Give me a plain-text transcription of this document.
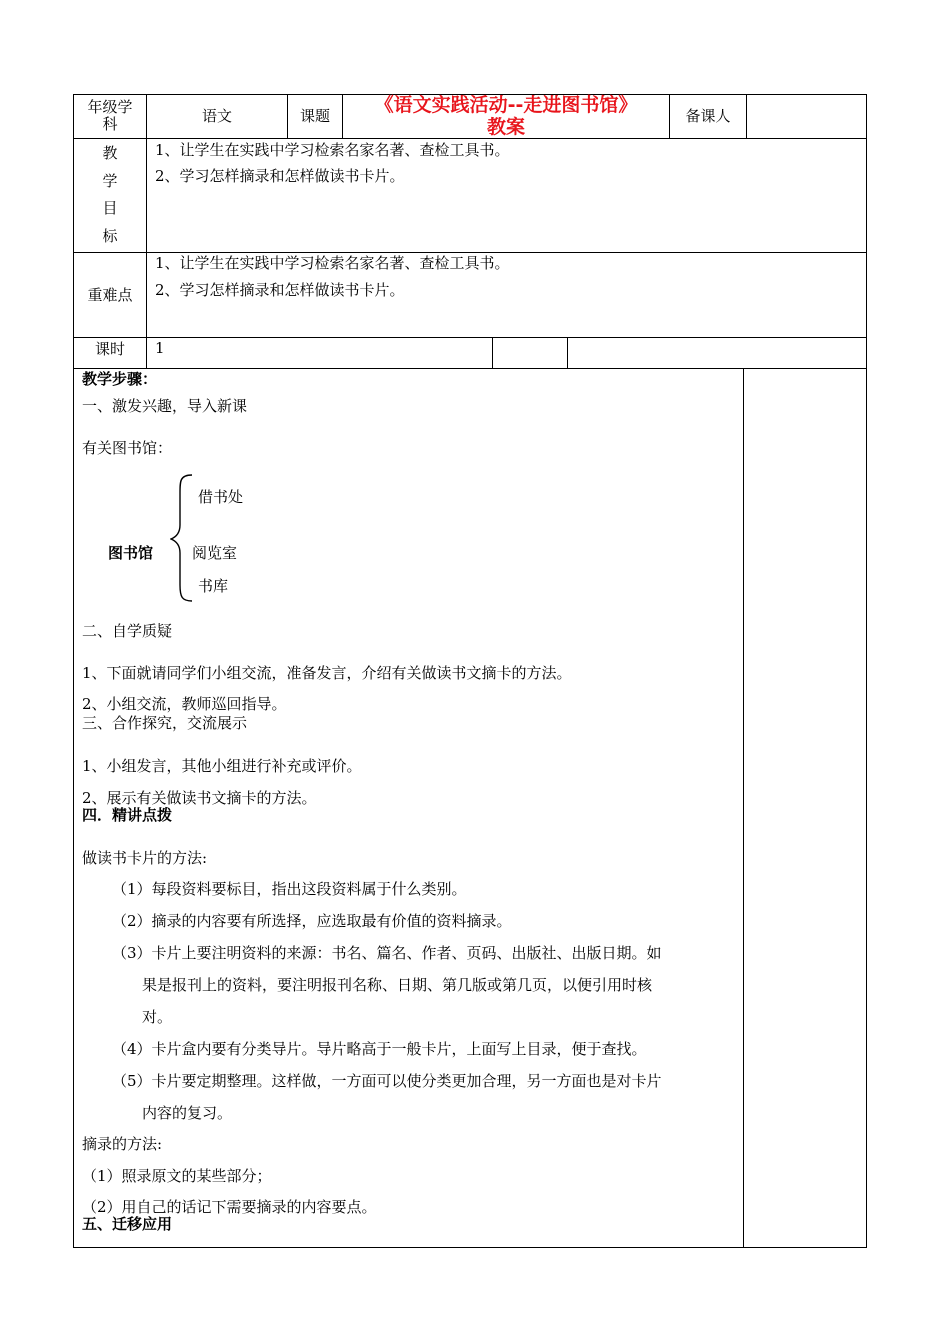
年级学科	语文	课题 《语文实践活动--走进图书馆》教案
备课人
教
学
目
标
1、让学生在实践中学习检索名家名著、查检工具书。
2、学习怎样摘录和怎样做读书卡片。
重难点
1、让学生在实践中学习检索名家名著、查检工具书。
2、学习怎样摘录和怎样做读书卡片。
课时 1
教学步骤：
一、激发兴趣，导入新课
有关图书馆：
图书馆
借书处
阅览室
书库
二、自学质疑
1、下面就请同学们小组交流，准备发言，介绍有关做读书文摘卡的方法。
2、小组交流，教师巡回指导。
三、合作探究，交流展示
1、小组发言，其他小组进行补充或评价。
2、展示有关做读书文摘卡的方法。
四．精讲点拨
做读书卡片的方法:
（1）每段资料要标目，指出这段资料属于什么类别。
（2）摘录的内容要有所选择，应选取最有价值的资料摘录。
（3）卡片上要注明资料的来源：书名、篇名、作者、页码、出版社、出版日期。如
果是报刊上的资料，要注明报刊名称、日期、第几版或第几页，以便引用时核
对。
（4）卡片盒内要有分类导片。导片略高于一般卡片，上面写上目录，便于查找。
（5）卡片要定期整理。这样做，一方面可以使分类更加合理，另一方面也是对卡片
内容的复习。
摘录的方法:
（1）照录原文的某些部分；
（2）用自己的话记下需要摘录的内容要点。
五、迁移应用
